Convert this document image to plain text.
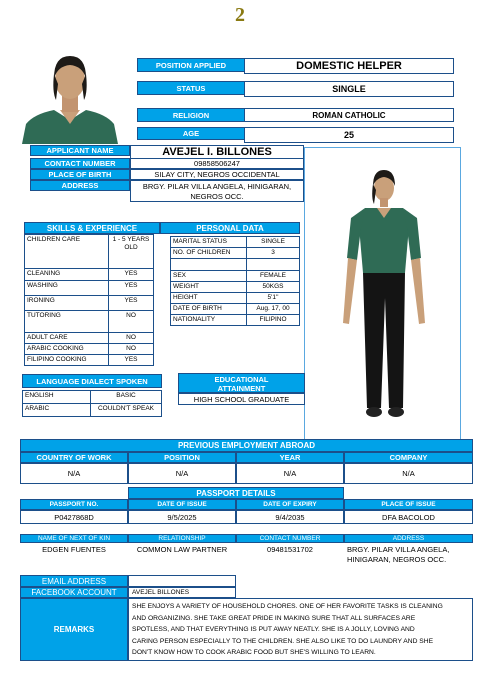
2
POSITION APPLIED	DOMESTIC HELPER
STATUS	SINGLE
RELIGION	ROMAN CATHOLIC
AGE	25
APPLICANT NAME	AVEJEL I. BILLONES
CONTACT NUMBER	09858506247
PLACE OF BIRTH	SILAY CITY, NEGROS OCCIDENTAL
ADDRESS	BRGY. PILAR VILLA ANGELA, HINIGARAN,
NEGROS OCC.
SKILLS & EXPERIENCE
CHILDREN CARE	1 - 5 YEARS OLD
CLEANING	YES
WASHING	YES
IRONING	YES
TUTORING	NO
ADULT CARE	NO
ARABIC COOKING	NO
FILIPINO COOKING	YES
PERSONAL DATA
MARITAL STATUS	SINGLE
NO. OF CHILDREN	3

SEX	FEMALE
WEIGHT	50KGS
HEIGHT	5'1''
DATE OF BIRTH	Aug. 17, 00
NATIONALITY	FILIPINO
LANGUAGE DIALECT SPOKEN
ENGLISH	BASIC
ARABIC	COULDN'T SPEAK
EDUCATIONAL
ATTAINMENT
HIGH SCHOOL GRADUATE
PREVIOUS EMPLOYMENT ABROAD
COUNTRY OF WORK	POSITION	YEAR	COMPANY
N/A	N/A	N/A	N/A
PASSPORT DETAILS
PASSPORT NO.	DATE OF ISSUE	DATE OF EXPIRY	PLACE OF ISSUE
P0427868D	9/5/2025	9/4/2035	DFA BACOLOD
NAME OF NEXT OF KIN	RELATIONSHIP	CONTACT NUMBER	ADDRESS
EDGEN FUENTES	COMMON LAW PARTNER	09481531702	BRGY. PILAR VILLA ANGELA,
HINIGARAN, NEGROS OCC.
EMAIL ADDRESS
FACEBOOK ACCOUNT	AVEJEL BILLONES
REMARKS
SHE ENJOYS A VARIETY OF HOUSEHOLD CHORES. ONE OF HER FAVORITE TASKS IS CLEANING
AND ORGANIZING. SHE TAKE GREAT PRIDE IN MAKING SURE THAT ALL SURFACES ARE
SPOTLESS, AND THAT EVERYTHING IS PUT AWAY NEATLY. SHE IS A JOLLY, LOVING AND
CARING PERSON ESPECIALLY TO THE CHILDREN. SHE ALSO LIKE TO DO LAUNDRY AND SHE
DON'T KNOW HOW TO COOK ARABIC FOOD BUT SHE'S WILLING TO LEARN.
